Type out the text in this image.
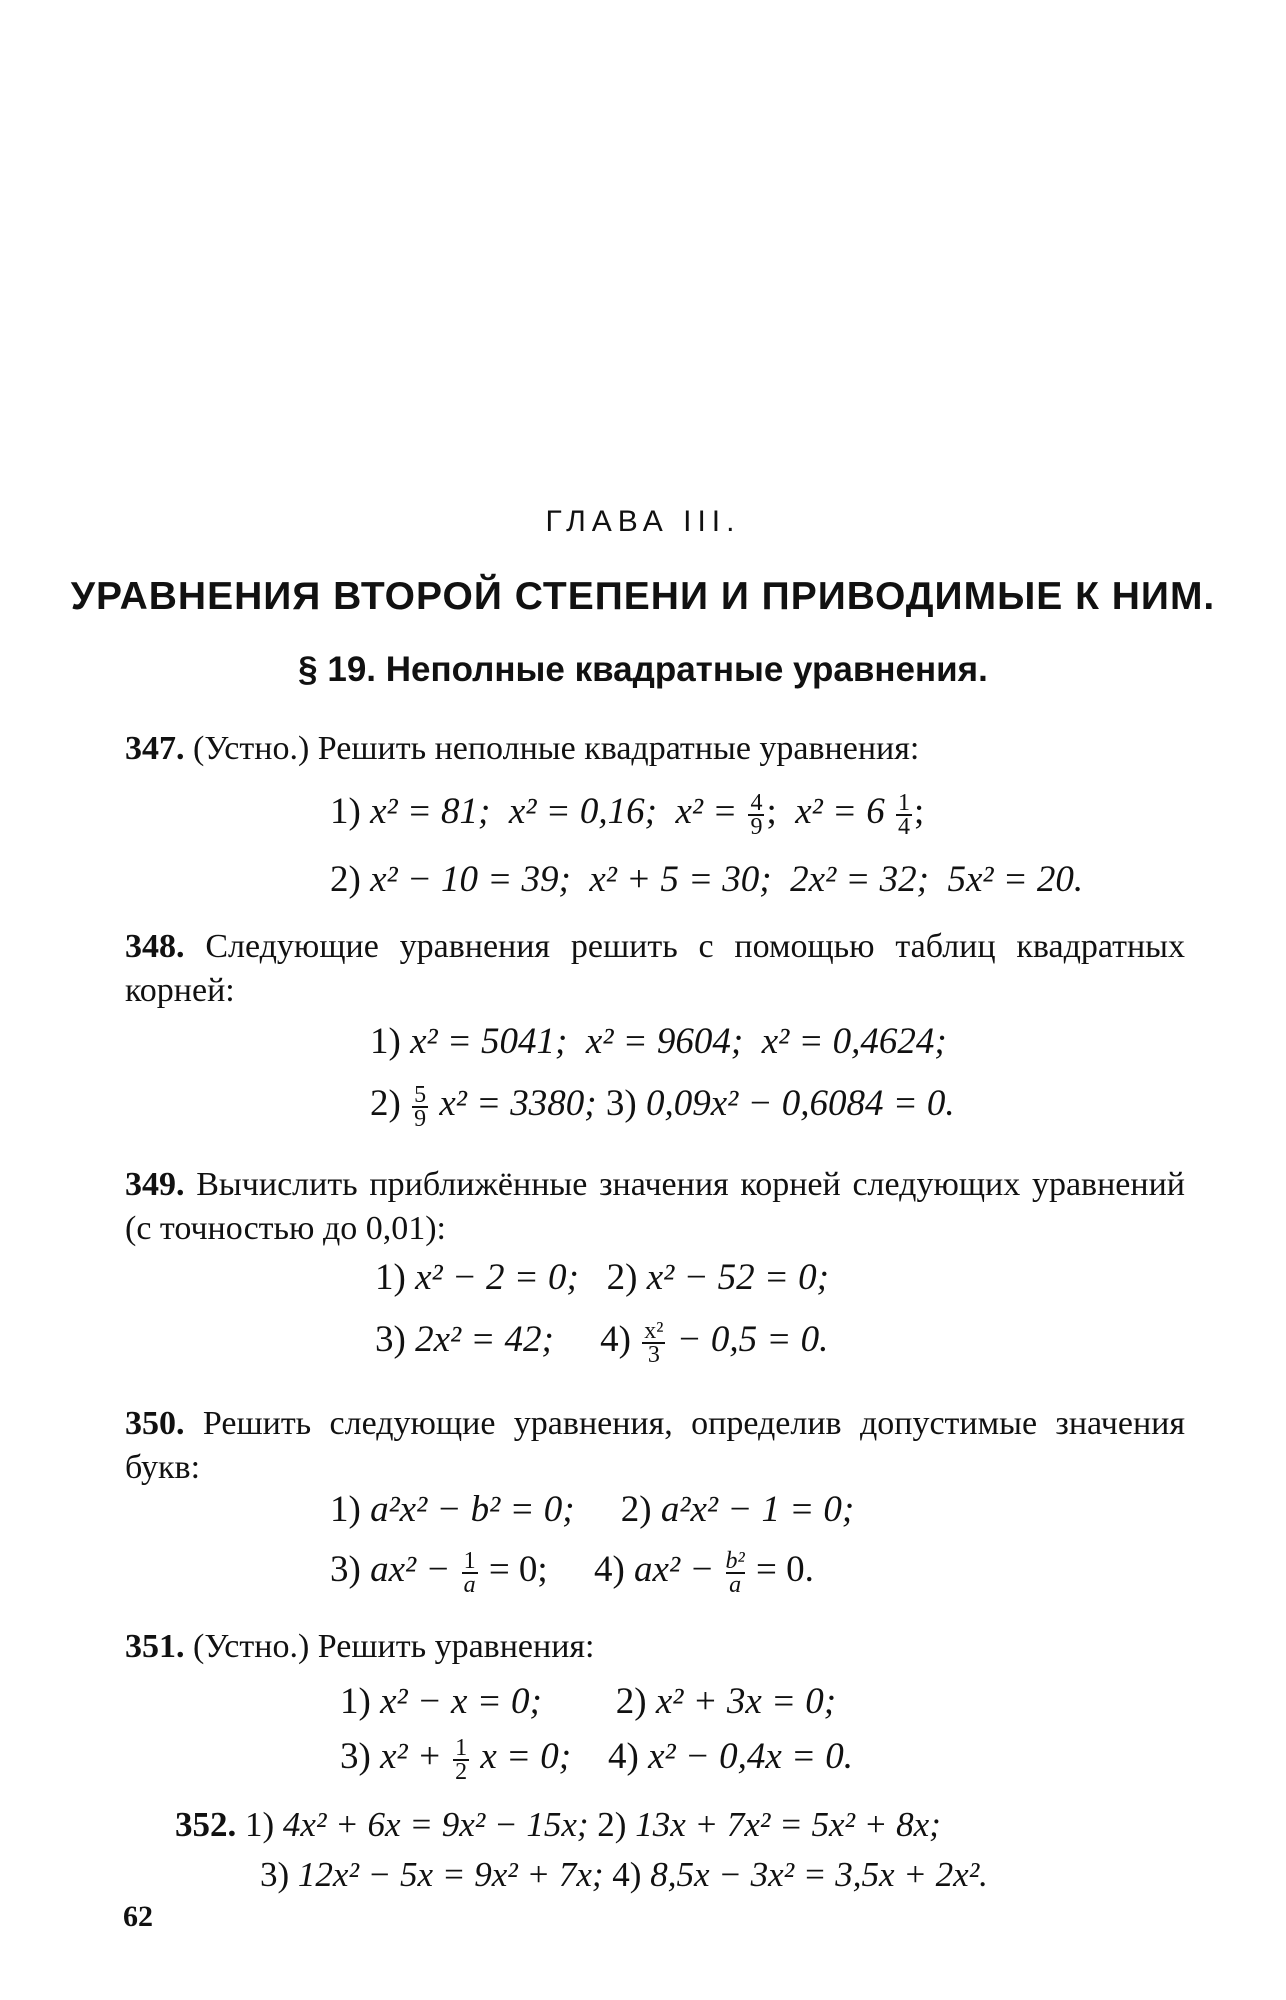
ГЛАВА III.
УРАВНЕНИЯ ВТОРОЙ СТЕПЕНИ И ПРИВОДИМЫЕ К НИМ.
§ 19. Неполные квадратные уравнения.
347. (Устно.) Решить неполные квадратные уравнения:
1) x² = 81; x² = 0,16; $x^2 = \frac{4}{9}$ ; $x^2 = 6 \frac{1}{4}$ ;
2) x² − 10 = 39; x² + 5 = 30; 2x² = 32; 5x² = 20.
348. Следующие уравнения решить с помощью таблиц квадратных корней:
1) x² = 5041; x² = 9604; x² = 0,4624;
$2) \frac{5}{9} x^2 = 3380$; 3) 0,09x² − 0,6084 = 0.
349. Вычислить приближённые значения корней следующих уравнений (с точностью до 0,01):
1) x² − 2 = 0; 2) x² − 52 = 0;
3) 2x² = 42; $4) \frac{\text{x²}}{3} - 0,5 = 0$.
350. Решить следующие уравнения, определив допустимые значения букв:
1) a²x² − b² = 0; 2) a²x² − 1 = 0;
3) $ax^2 - \frac{1}{a} = 0$; 4) $ax^2 - \frac{\text{b²}}{a} = 0$.
351. (Устно.) Решить уравнения:
1) x² − x = 0; 2) x² + 3x = 0;
3) $x^2 + \frac{1}{2}$ x = 0; 4) x² − 0,4x = 0.
352. 1) 4x² + 6x = 9x² − 15x; 2) 13x + 7x² = 5x² + 8x;
3) 12x² − 5x = 9x² + 7x; 4) 8,5x − 3x² = 3,5x + 2x².
62
